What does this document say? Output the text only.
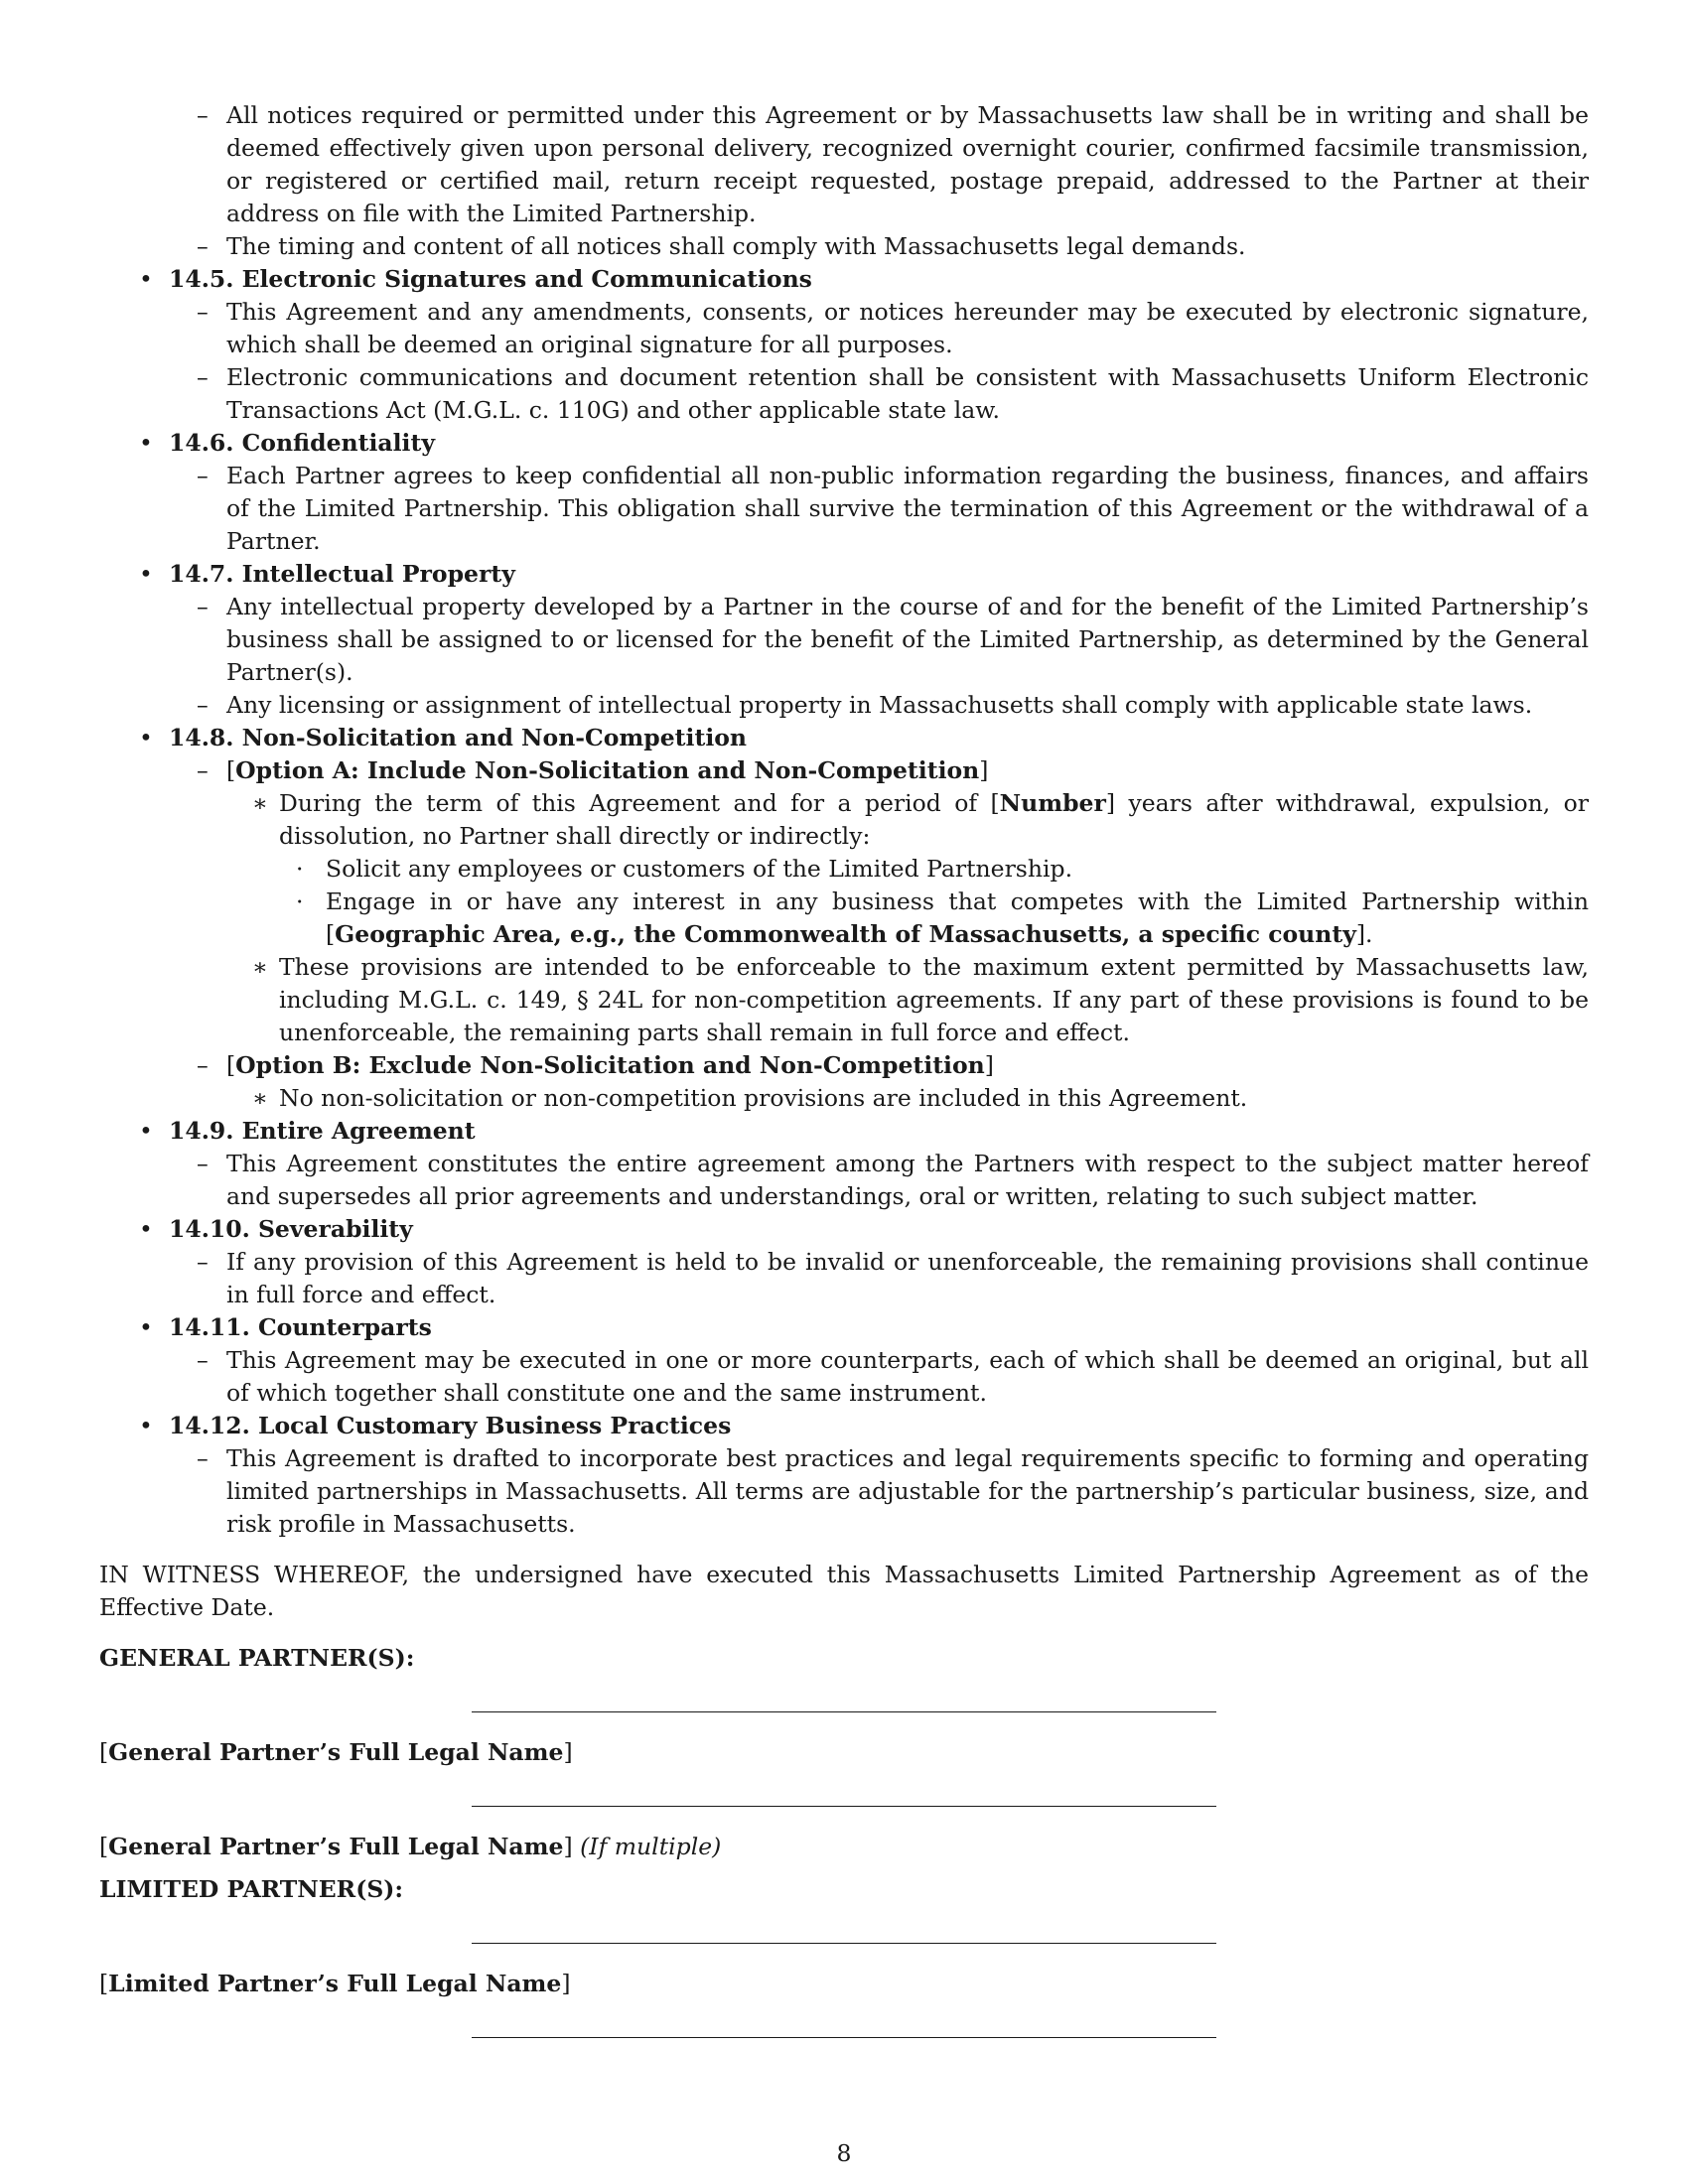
– All notices required or permitted under this Agreement or by Massachusetts law shall be in writing and shall be deemed effectively given upon personal delivery, recognized overnight courier, confirmed facsimile transmission, or registered or certified mail, return receipt requested, postage prepaid, addressed to the Partner at their address on file with the Limited Partnership.
– The timing and content of all notices shall comply with Massachusetts legal demands.
• 14.5. Electronic Signatures and Communications
– This Agreement and any amendments, consents, or notices hereunder may be executed by electronic signature, which shall be deemed an original signature for all purposes.
– Electronic communications and document retention shall be consistent with Massachusetts Uniform Electronic Transactions Act (M.G.L. c. 110G) and other applicable state law.
• 14.6. Confidentiality
– Each Partner agrees to keep confidential all non-public information regarding the business, finances, and affairs of the Limited Partnership. This obligation shall survive the termination of this Agreement or the withdrawal of a Partner.
• 14.7. Intellectual Property
– Any intellectual property developed by a Partner in the course of and for the benefit of the Limited Partnership’s business shall be assigned to or licensed for the benefit of the Limited Partnership, as determined by the General Partner(s).
– Any licensing or assignment of intellectual property in Massachusetts shall comply with applicable state laws.
• 14.8. Non-Solicitation and Non-Competition
– [Option A: Include Non-Solicitation and Non-Competition]
∗ During the term of this Agreement and for a period of [Number] years after withdrawal, expulsion, or dissolution, no Partner shall directly or indirectly:
· Solicit any employees or customers of the Limited Partnership.
· Engage in or have any interest in any business that competes with the Limited Partnership within [Geographic Area, e.g., the Commonwealth of Massachusetts, a specific county].
∗ These provisions are intended to be enforceable to the maximum extent permitted by Massachusetts law, including M.G.L. c. 149, § 24L for non-competition agreements. If any part of these provisions is found to be unenforceable, the remaining parts shall remain in full force and effect.
– [Option B: Exclude Non-Solicitation and Non-Competition]
∗ No non-solicitation or non-competition provisions are included in this Agreement.
• 14.9. Entire Agreement
– This Agreement constitutes the entire agreement among the Partners with respect to the subject matter hereof and supersedes all prior agreements and understandings, oral or written, relating to such subject matter.
• 14.10. Severability
– If any provision of this Agreement is held to be invalid or unenforceable, the remaining provisions shall continue in full force and effect.
• 14.11. Counterparts
– This Agreement may be executed in one or more counterparts, each of which shall be deemed an original, but all of which together shall constitute one and the same instrument.
• 14.12. Local Customary Business Practices
– This Agreement is drafted to incorporate best practices and legal requirements specific to forming and operating limited partnerships in Massachusetts. All terms are adjustable for the partnership’s particular business, size, and risk profile in Massachusetts.
IN WITNESS WHEREOF, the undersigned have executed this Massachusetts Limited Partnership Agreement as of the Effective Date.
GENERAL PARTNER(S):
[General Partner’s Full Legal Name]
[General Partner’s Full Legal Name] (If multiple)
LIMITED PARTNER(S):
[Limited Partner’s Full Legal Name]
8
